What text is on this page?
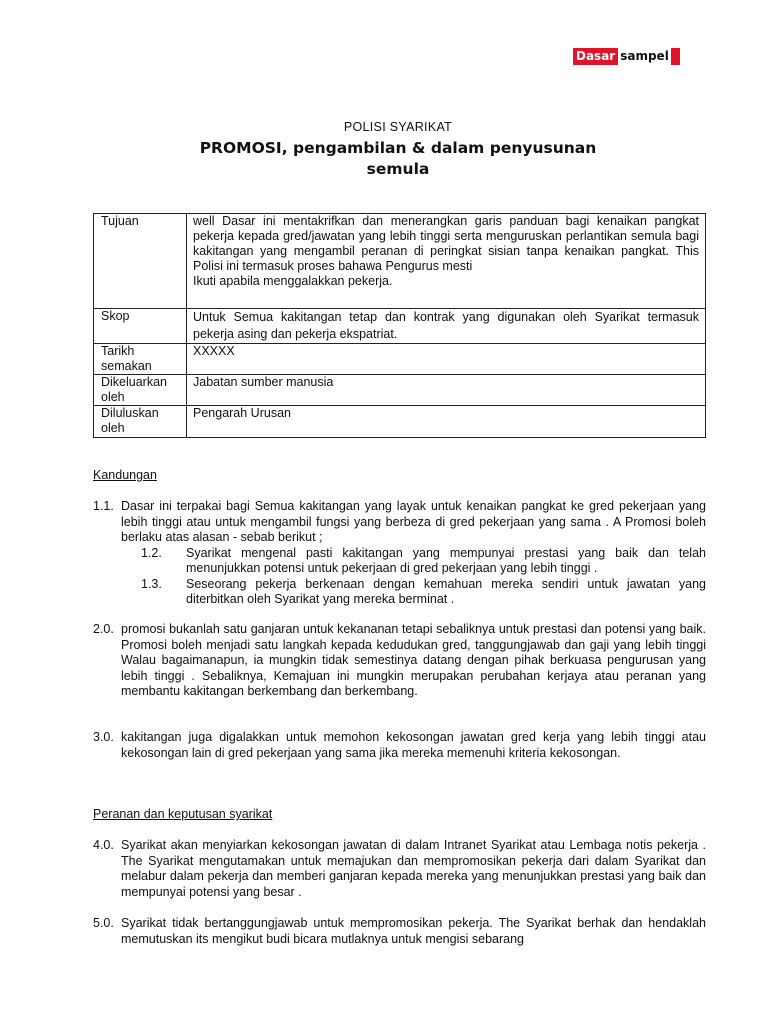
Dasar sampel
POLISI SYARIKAT
PROMOSI, pengambilan & dalam penyusunan
semula
Tujuan	well Dasar ini mentakrifkan dan menerangkan garis panduan bagi kenaikan pangkat pekerja kepada gred/jawatan yang lebih tinggi serta menguruskan perlantikan semula bagi kakitangan yang mengambil peranan di peringkat sisian tanpa kenaikan pangkat. This Polisi ini termasuk proses bahawa Pengurus mesti
Ikuti apabila menggalakkan pekerja.
Skop	Untuk Semua kakitangan tetap dan kontrak yang digunakan oleh Syarikat termasuk pekerja asing dan pekerja ekspatriat.
Tarikh semakan	XXXXX
Dikeluarkan oleh	Jabatan sumber manusia
Diluluskan oleh	Pengarah Urusan
Kandungan
1.1. Dasar ini terpakai bagi Semua kakitangan yang layak untuk kenaikan pangkat ke gred pekerjaan yang lebih tinggi atau untuk mengambil fungsi yang berbeza di gred pekerjaan yang sama . A Promosi boleh berlaku atas alasan - sebab berikut ;
1.2.	Syarikat mengenal pasti kakitangan yang mempunyai prestasi yang baik dan telah menunjukkan potensi untuk pekerjaan di gred pekerjaan yang lebih tinggi .
1.3.	Seseorang pekerja berkenaan dengan kemahuan mereka sendiri untuk jawatan yang diterbitkan oleh Syarikat yang mereka berminat .
2.0. promosi bukanlah satu ganjaran untuk kekananan tetapi sebaliknya untuk prestasi dan potensi yang baik. Promosi boleh menjadi satu langkah kepada kedudukan gred, tanggungjawab dan gaji yang lebih tinggi Walau bagaimanapun, ia mungkin tidak semestinya datang dengan pihak berkuasa pengurusan yang lebih tinggi . Sebaliknya, Kemajuan ini mungkin merupakan perubahan kerjaya atau peranan yang membantu kakitangan berkembang dan berkembang.
3.0. kakitangan juga digalakkan untuk memohon kekosongan jawatan gred kerja yang lebih tinggi atau kekosongan lain di gred pekerjaan yang sama jika mereka memenuhi kriteria kekosongan.
Peranan dan keputusan syarikat
4.0. Syarikat akan menyiarkan kekosongan jawatan di dalam Intranet Syarikat atau Lembaga notis pekerja . The Syarikat mengutamakan untuk memajukan dan mempromosikan pekerja dari dalam Syarikat dan melabur dalam pekerja dan memberi ganjaran kepada mereka yang menunjukkan prestasi yang baik dan mempunyai potensi yang besar .
5.0. Syarikat tidak bertanggungjawab untuk mempromosikan pekerja. The Syarikat berhak dan hendaklah memutuskan its mengikut budi bicara mutlaknya untuk mengisi sebarang
